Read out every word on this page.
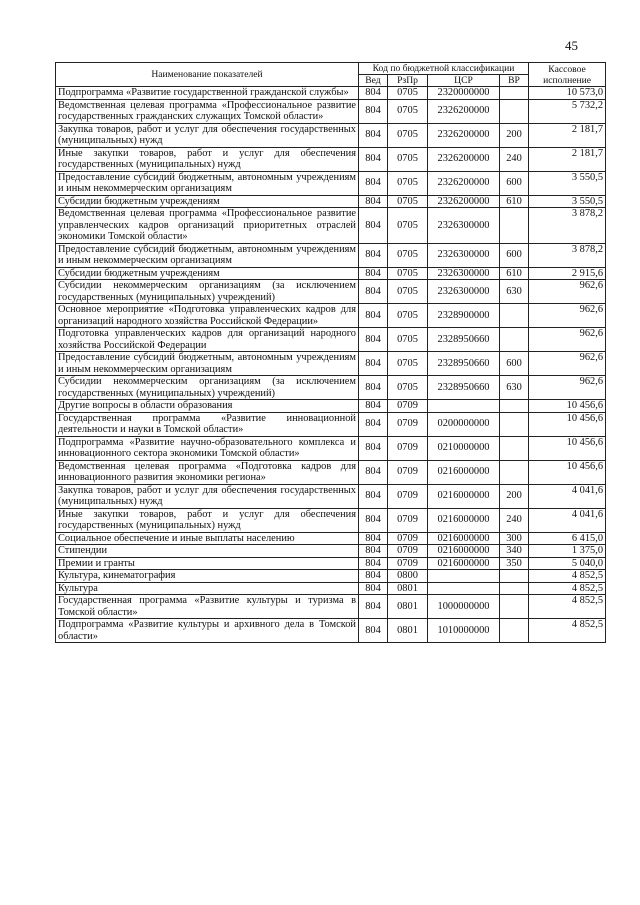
45
Наименование показателей	Код по бюджетной классификации				Кассовое исполнение
	Вед	РзПр	ЦСР	ВР	
Подпрограмма «Развитие государственной гражданской службы»	804	0705	2320000000		10 573,0
Ведомственная целевая программа «Профессиональное развитие государственных гражданских служащих Томской области»	804	0705	2326200000		5 732,2
Закупка товаров, работ и услуг для обеспечения государственных (муниципальных) нужд	804	0705	2326200000	200	2 181,7
Иные закупки товаров, работ и услуг для обеспечения государственных (муниципальных) нужд	804	0705	2326200000	240	2 181,7
Предоставление субсидий бюджетным, автономным учреждениям и иным некоммерческим организациям	804	0705	2326200000	600	3 550,5
Субсидии бюджетным учреждениям	804	0705	2326200000	610	3 550,5
Ведомственная целевая программа «Профессиональное развитие управленческих кадров организаций приоритетных отраслей экономики Томской области»	804	0705	2326300000		3 878,2
Предоставление субсидий бюджетным, автономным учреждениям и иным некоммерческим организациям	804	0705	2326300000	600	3 878,2
Субсидии бюджетным учреждениям	804	0705	2326300000	610	2 915,6
Субсидии некоммерческим организациям (за исключением государственных (муниципальных) учреждений)	804	0705	2326300000	630	962,6
Основное мероприятие «Подготовка управленческих кадров для организаций народного хозяйства Российской Федерации»	804	0705	2328900000		962,6
Подготовка управленческих кадров для организаций народного хозяйства Российской Федерации	804	0705	2328950660		962,6
Предоставление субсидий бюджетным, автономным учреждениям и иным некоммерческим организациям	804	0705	2328950660	600	962,6
Субсидии некоммерческим организациям (за исключением государственных (муниципальных) учреждений)	804	0705	2328950660	630	962,6
Другие вопросы в области образования	804	0709			10 456,6
Государственная программа «Развитие инновационной деятельности и науки в Томской области»	804	0709	0200000000		10 456,6
Подпрограмма «Развитие научно-образовательного комплекса и инновационного сектора экономики Томской области»	804	0709	0210000000		10 456,6
Ведомственная целевая программа «Подготовка кадров для инновационного развития экономики региона»	804	0709	0216000000		10 456,6
Закупка товаров, работ и услуг для обеспечения государственных (муниципальных) нужд	804	0709	0216000000	200	4 041,6
Иные закупки товаров, работ и услуг для обеспечения государственных (муниципальных) нужд	804	0709	0216000000	240	4 041,6
Социальное обеспечение и иные выплаты населению	804	0709	0216000000	300	6 415,0
Стипендии	804	0709	0216000000	340	1 375,0
Премии и гранты	804	0709	0216000000	350	5 040,0
Культура, кинематография	804	0800			4 852,5
Культура	804	0801			4 852,5
Государственная программа «Развитие культуры и туризма в Томской области»	804	0801	1000000000		4 852,5
Подпрограмма «Развитие культуры и архивного дела в Томской области»	804	0801	1010000000		4 852,5
